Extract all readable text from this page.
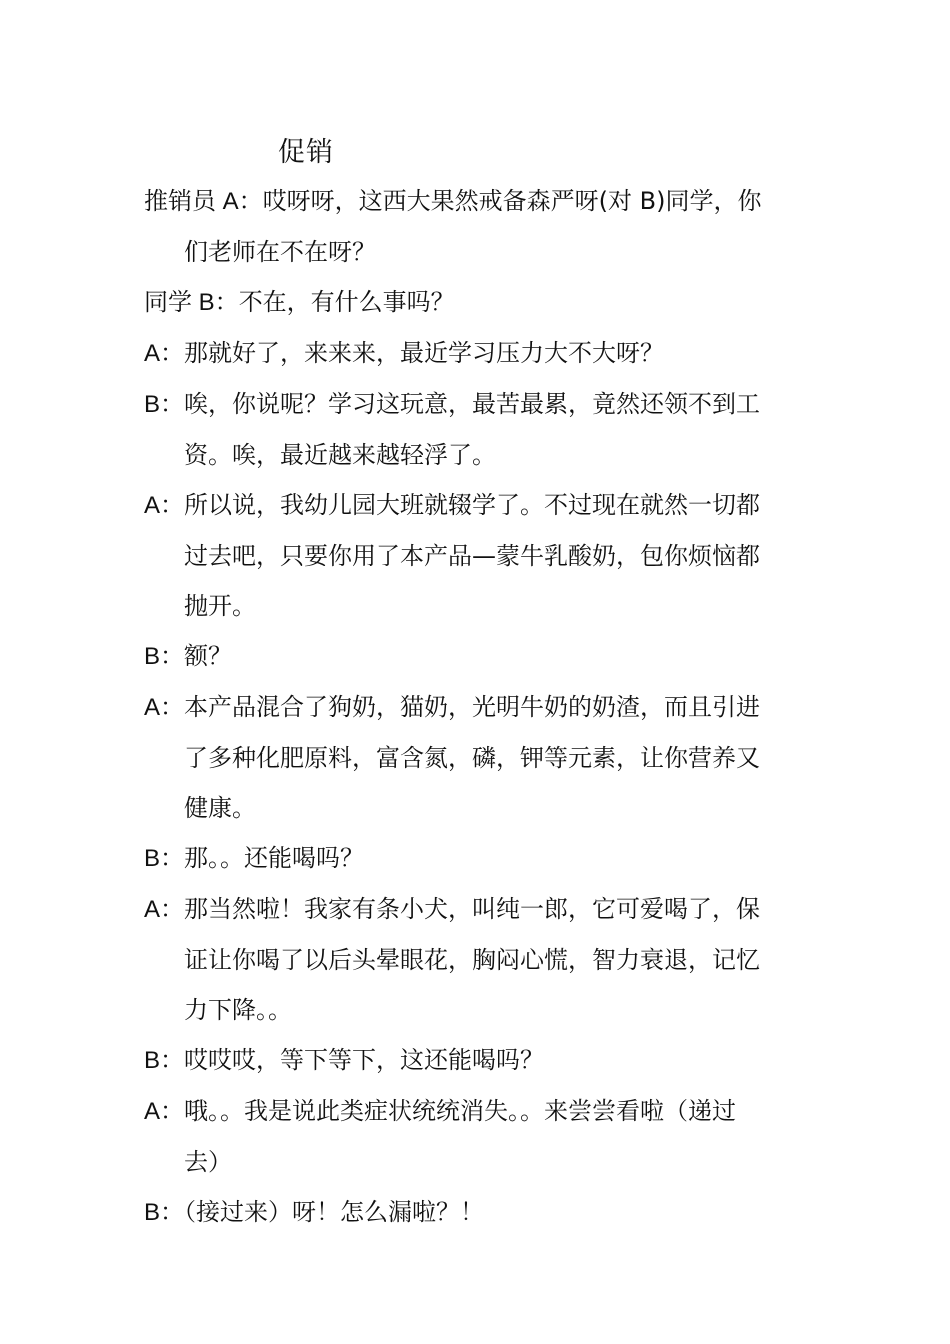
促销

推销员 A：哎呀呀，这西大果然戒备森严呀(对 B)同学，你

们老师在不在呀？

同学 B：不在，有什么事吗？

A：那就好了，来来来，最近学习压力大不大呀？

B：唉，你说呢？学习这玩意，最苦最累，竟然还领不到工

资。唉，最近越来越轻浮了。

A：所以说，我幼儿园大班就辍学了。不过现在就然一切都

过去吧，只要你用了本产品—蒙牛乳酸奶，包你烦恼都

抛开。

B：额？

A：本产品混合了狗奶，猫奶，光明牛奶的奶渣，而且引进

了多种化肥原料，富含氮，磷，钾等元素，让你营养又

健康。

B：那。。还能喝吗？

A：那当然啦！我家有条小犬，叫纯一郎，它可爱喝了，保

证让你喝了以后头晕眼花，胸闷心慌，智力衰退，记忆

力下降。。

B：哎哎哎，等下等下，这还能喝吗？

A：哦。。我是说此类症状统统消失。。来尝尝看啦（递过

去）

B：（接过来）呀！怎么漏啦？！
